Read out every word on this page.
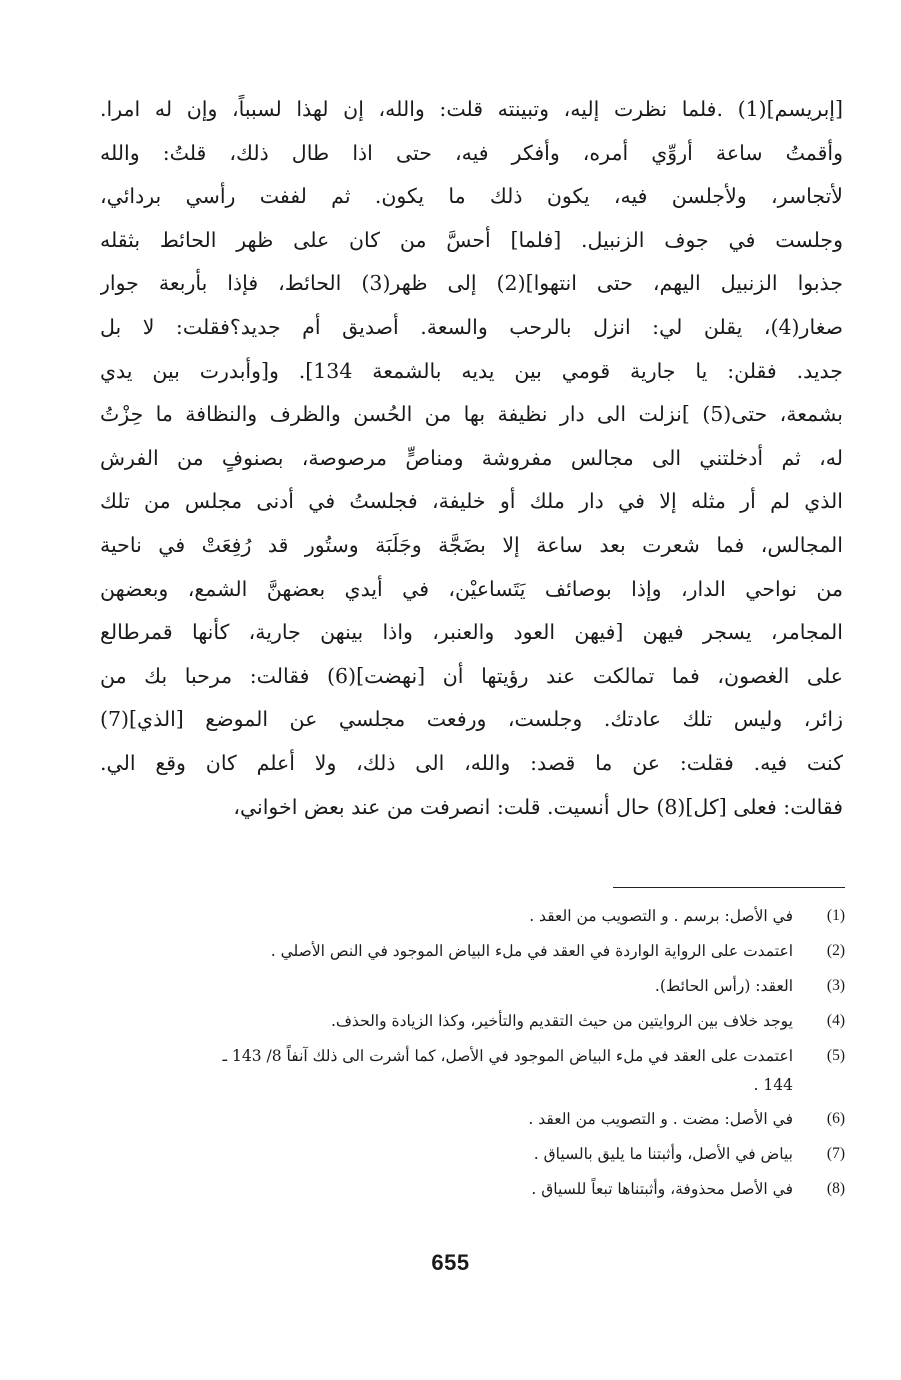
[إبريسم](1) .فلما نظرت إليه، وتبينته قلت: والله، إن لهذا لسبباً، وإن له امرا.
وأقمتُ ساعة أروِّي أمره، وأفكر فيه، حتى اذا طال ذلك، قلتُ: والله
لأتجاسر، ولأجلسن فيه، يكون ذلك ما يكون. ثم لففت رأسي بردائي،
وجلست في جوف الزنبيل. [فلما] أحسَّ من كان على ظهر الحائط بثقله
جذبوا الزنبيل اليهم، حتى انتهوا](2) إلى ظهر(3) الحائط، فإذا بأربعة جوار
صغار(4)، يقلن لي: انزل بالرحب والسعة. أصديق أم جديد؟فقلت: لا بل
جديد. فقلن: يا جارية قومي بين يديه بالشمعة 134]. و[وأبدرت بين يدي
بشمعة، حتى(5) ]نزلت الى دار نظيفة بها من الحُسن والظرف والنظافة ما حِزْتُ
له، ثم أدخلتني الى مجالس مفروشة ومناصٍّ مرصوصة، بصنوفٍ من الفرش
الذي لم أر مثله إلا في دار ملك أو خليفة، فجلستُ في أدنى مجلس من تلك
المجالس، فما شعرت بعد ساعة إلا بضَجَّة وجَلَبَة وستُور قد رُفِعَتْ في ناحية
من نواحي الدار، وإذا بوصائف يَتَساعيْن، في أيدي بعضهنَّ الشمع، وبعضهن
المجامر، يسجر فيهن [فيهن العود والعنبر، واذا بينهن جارية، كأنها قمرطالع
على الغصون، فما تمالكت عند رؤيتها أن [نهضت](6) فقالت: مرحبا بك من
زائر، وليس تلك عادتك. وجلست، ورفعت مجلسي عن الموضع [الذي](7)
كنت فيه. فقلت: عن ما قصد: والله، الى ذلك، ولا أعلم كان وقع الي.
فقالت: فعلى [كل](8) حال أنسيت. قلت: انصرفت من عند بعض اخواني،
(1)
في الأصل: برسم . و التصويب من العقد .
(2)
اعتمدت على الرواية الواردة في العقد في ملء البياض الموجود في النص الأصلي .
(3)
العقد: (رأس الحائط).
(4)
يوجد خلاف بين الروايتين من حيث التقديم والتأخير، وكذا الزيادة والحذف.
(5)
اعتمدت على العقد في ملء البياض الموجود في الأصل، كما أشرت الى ذلك آنفاً 8/ 143 ـ
144 .
(6)
في الأصل: مضت . و التصويب من العقد .
(7)
بياض في الأصل، وأثبتنا ما يليق بالسياق .
(8)
في الأصل محذوفة، وأثبتناها تبعاً للسياق .
655
